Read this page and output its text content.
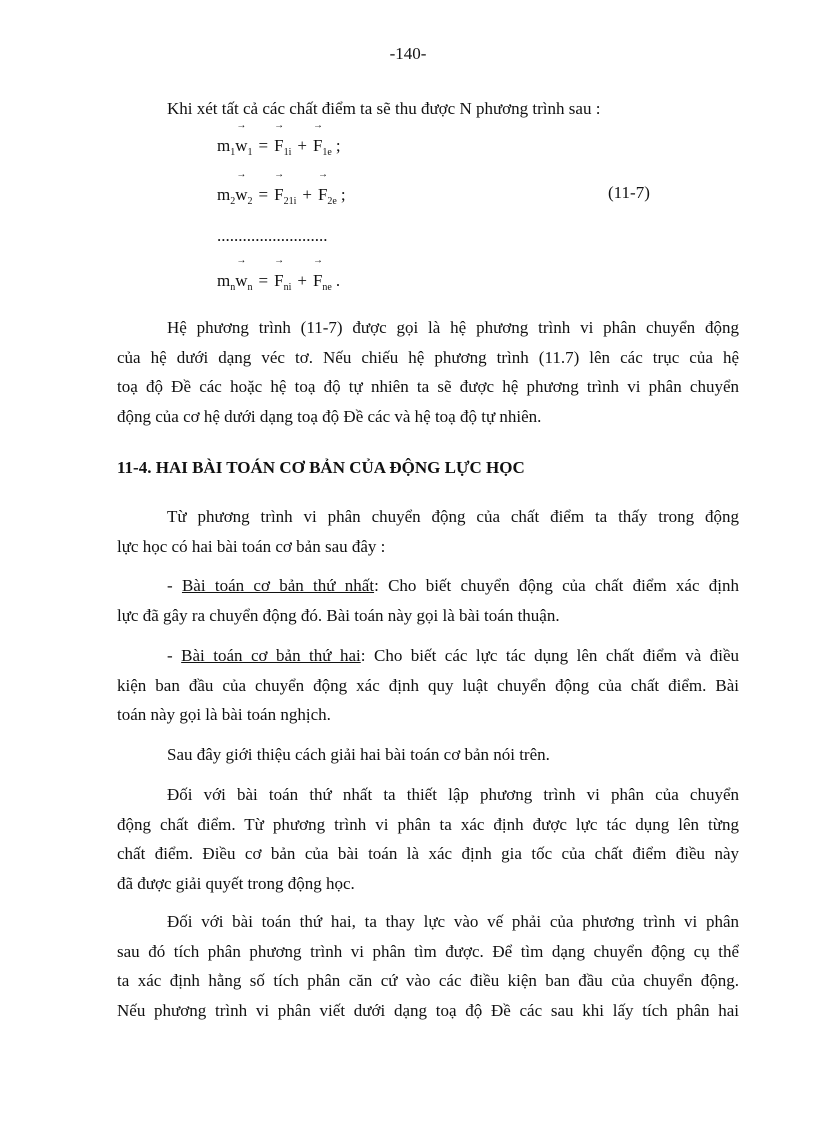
-140-
Khi xét tất cả các chất điểm ta sẽ thu được N phương trình sau :
$m_1\to w_1 =\to F_{1i} +\to F_{1e}$ ;
$m_2\to w_2 =\to F_{21i} +\to F_{2e}$ ;	(11-7)
..........................
$m_n\to w_n =\to F_{ni} +\to F_{ne}$ .
Hệ phương trình (11-7) được gọi là hệ phương trình vi phân chuyển động
của hệ dưới dạng véc tơ. Nếu chiếu hệ phương trình (11.7) lên các trục của hệ
toạ độ Đề các hoặc hệ toạ độ tự nhiên ta sẽ được hệ phương trình vi phân chuyển
động của cơ hệ dưới dạng toạ độ Đề các và hệ toạ độ tự nhiên.
11-4. HAI BÀI TOÁN CƠ BẢN CỦA ĐỘNG LỰC HỌC
Từ phương trình vi phân chuyển động của chất điểm ta thấy trong động
lực học có hai bài toán cơ bản sau đây :
- Bài toán cơ bản thứ nhất: Cho biết chuyển động của chất điểm xác định
lực đã gây ra chuyển động đó. Bài toán này gọi là bài toán thuận.
- Bài toán cơ bản thứ hai: Cho biết các lực tác dụng lên chất điểm và điều
kiện ban đầu của chuyển động xác định quy luật chuyển động của chất điểm. Bài
toán này gọi là bài toán nghịch.
Sau đây giới thiệu cách giải hai bài toán cơ bản nói trên.
Đối với bài toán thứ nhất ta thiết lập phương trình vi phân của chuyển
động chất điểm. Từ phương trình vi phân ta xác định được lực tác dụng lên từng
chất điểm. Điều cơ bản của bài toán là xác định gia tốc của chất điểm điều này
đã được giải quyết trong động học.
Đối với bài toán thứ hai, ta thay lực vào vế phải của phương trình vi phân
sau đó tích phân phương trình vi phân tìm được. Để tìm dạng chuyển động cụ thể
ta xác định hằng số tích phân căn cứ vào các điều kiện ban đầu của chuyển động.
Nếu phương trình vi phân viết dưới dạng toạ độ Đề các sau khi lấy tích phân hai
